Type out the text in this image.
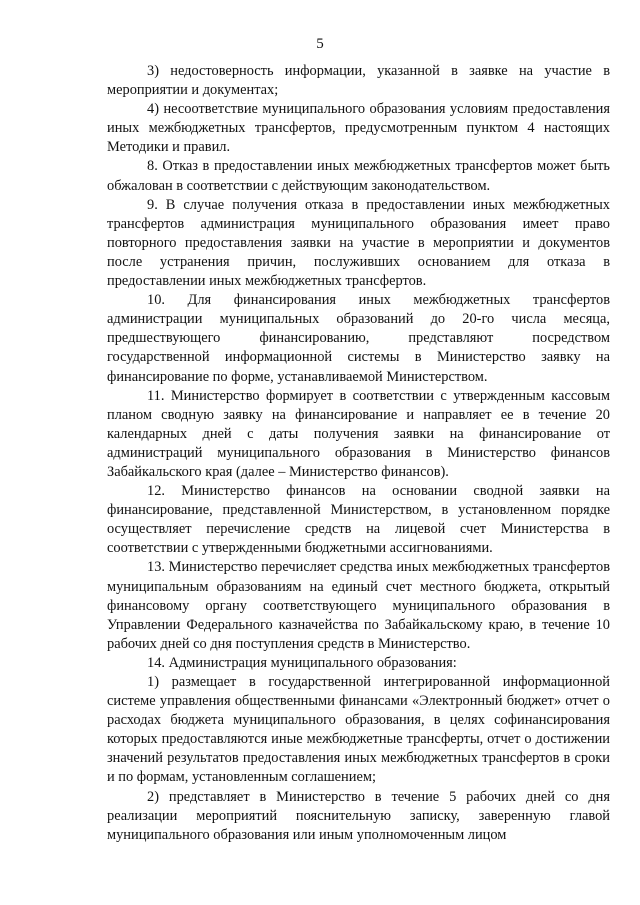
5

3) недостоверность информации, указанной в заявке на участие в мероприятии и документах;

4) несоответствие муниципального образования условиям предоставления иных межбюджетных трансфертов, предусмотренным пунктом 4 настоящих Методики и правил.

8. Отказ в предоставлении иных межбюджетных трансфертов может быть обжалован в соответствии с действующим законодательством.

9. В случае получения отказа в предоставлении иных межбюджетных трансфертов администрация муниципального образования имеет право повторного предоставления заявки на участие в мероприятии и документов после устранения причин, послуживших основанием для отказа в предоставлении иных межбюджетных трансфертов.

10. Для финансирования иных межбюджетных трансфертов администрации муниципальных образований до 20-го числа месяца, предшествующего финансированию, представляют посредством государственной информационной системы в Министерство заявку на финансирование по форме, устанавливаемой Министерством.

11. Министерство формирует в соответствии с утвержденным кассовым планом сводную заявку на финансирование и направляет ее в течение 20 календарных дней с даты получения заявки на финансирование от администраций муниципального образования в Министерство финансов Забайкальского края (далее – Министерство финансов).

12. Министерство финансов на основании сводной заявки на финансирование, представленной Министерством, в установленном порядке осуществляет перечисление средств на лицевой счет Министерства в соответствии с утвержденными бюджетными ассигнованиями.

13. Министерство перечисляет средства иных межбюджетных трансфертов муниципальным образованиям на единый счет местного бюджета, открытый финансовому органу соответствующего муниципального образования в Управлении Федерального казначейства по Забайкальскому краю, в течение 10 рабочих дней со дня поступления средств в Министерство.

14. Администрация муниципального образования:

1) размещает в государственной интегрированной информационной системе управления общественными финансами «Электронный бюджет» отчет о расходах бюджета муниципального образования, в целях софинансирования которых предоставляются иные межбюджетные трансферты, отчет о достижении значений результатов предоставления иных межбюджетных трансфертов в сроки и по формам, установленным соглашением;

2) представляет в Министерство в течение 5 рабочих дней со дня реализации мероприятий пояснительную записку, заверенную главой муниципального образования или иным уполномоченным лицом
